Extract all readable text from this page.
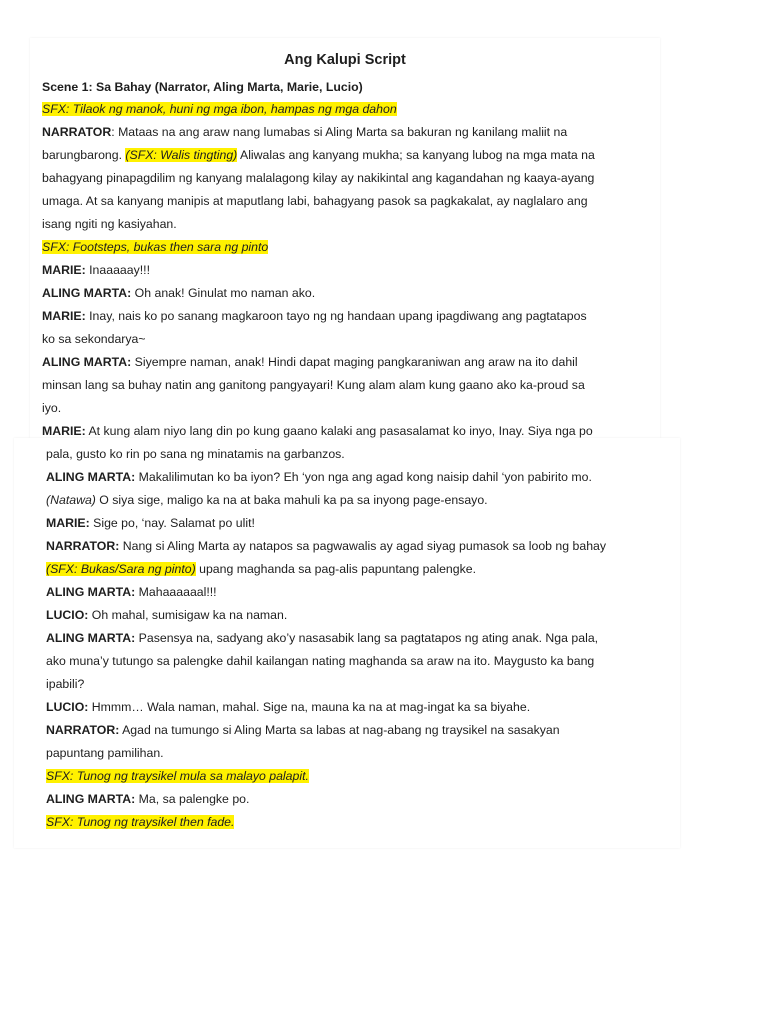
Ang Kalupi Script
Scene 1: Sa Bahay (Narrator, Aling Marta, Marie, Lucio)
SFX: Tilaok ng manok, huni ng mga ibon, hampas ng mga dahon
NARRATOR: Mataas na ang araw nang lumabas si Aling Marta sa bakuran ng kanilang maliit na
barungbarong. (SFX: Walis tingting) Aliwalas ang kanyang mukha; sa kanyang lubog na mga mata na
bahagyang pinapagdilim ng kanyang malalagong kilay ay nakikintal ang kagandahan ng kaaya-ayang
umaga. At sa kanyang manipis at maputlang labi, bahagyang pasok sa pagkakalat, ay naglalaro ang
isang ngiti ng kasiyahan.
SFX: Footsteps, bukas then sara ng pinto
MARIE: Inaaaaay!!!
ALING MARTA: Oh anak! Ginulat mo naman ako.
MARIE: Inay, nais ko po sanang magkaroon tayo ng ng handaan upang ipagdiwang ang pagtatapos
ko sa sekondarya~
ALING MARTA: Siyempre naman, anak! Hindi dapat maging pangkaraniwan ang araw na ito dahil
minsan lang sa buhay natin ang ganitong pangyayari! Kung alam alam kung gaano ako ka-proud sa
iyo.
MARIE: At kung alam niyo lang din po kung gaano kalaki ang pasasalamat ko inyo, Inay. Siya nga po
pala, gusto ko rin po sana ng minatamis na garbanzos.
ALING MARTA: Makalilimutan ko ba iyon? Eh ‘yon nga ang agad kong naisip dahil ‘yon pabirito mo.
(Natawa) O siya sige, maligo ka na at baka mahuli ka pa sa inyong page-ensayo.
MARIE: Sige po, ‘nay. Salamat po ulit!
NARRATOR: Nang si Aling Marta ay natapos sa pagwawalis ay agad siyag pumasok sa loob ng bahay
(SFX: Bukas/Sara ng pinto) upang maghanda sa pag-alis papuntang palengke.
ALING MARTA: Mahaaaaaal!!!
LUCIO: Oh mahal, sumisigaw ka na naman.
ALING MARTA: Pasensya na, sadyang ako’y nasasabik lang sa pagtatapos ng ating anak. Nga pala,
ako muna’y tutungo sa palengke dahil kailangan nating maghanda sa araw na ito. Maygusto ka bang
ipabili?
LUCIO: Hmmm… Wala naman, mahal. Sige na, mauna ka na at mag-ingat ka sa biyahe.
NARRATOR: Agad na tumungo si Aling Marta sa labas at nag-abang ng traysikel na sasakyan
papuntang pamilihan.
SFX: Tunog ng traysikel mula sa malayo palapit.
ALING MARTA: Ma, sa palengke po.
SFX: Tunog ng traysikel then fade.
